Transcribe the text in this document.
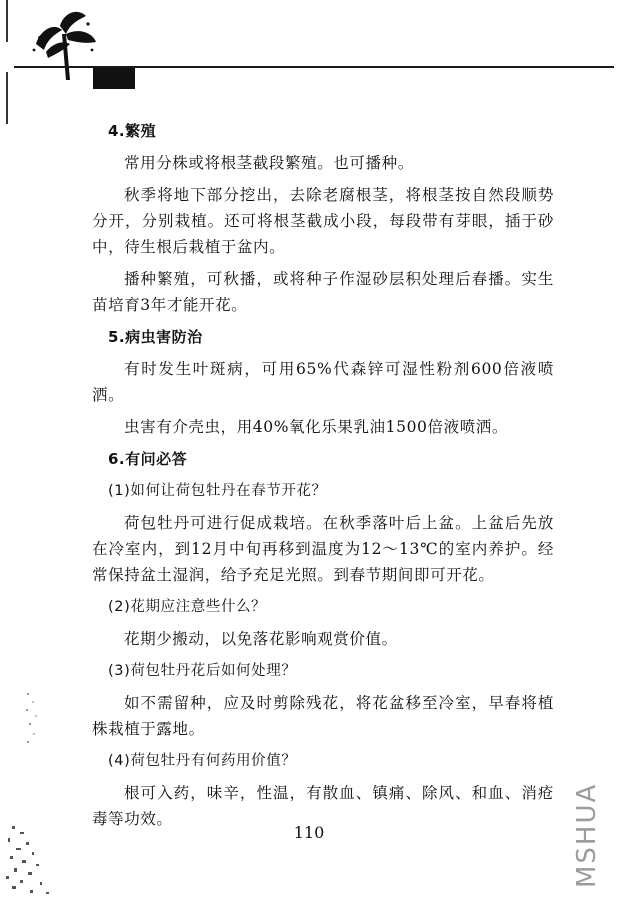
4.繁殖

常用分株或将根茎截段繁殖。也可播种。

秋季将地下部分挖出，去除老腐根茎，将根茎按自然段顺势分开，分别栽植。还可将根茎截成小段，每段带有芽眼，插于砂中，待生根后栽植于盆内。

播种繁殖，可秋播，或将种子作湿砂层积处理后春播。实生苗培育3年才能开花。

5.病虫害防治

有时发生叶斑病，可用65%代森锌可湿性粉剂600倍液喷洒。

虫害有介壳虫，用40%氧化乐果乳油1500倍液喷洒。

6.有问必答
(1)如何让荷包牡丹在春节开花？

荷包牡丹可进行促成栽培。在秋季落叶后上盆。上盆后先放在冷室内，到12月中旬再移到温度为12～13℃的室内养护。经常保持盆土湿润，给予充足光照。到春节期间即可开花。

(2)花期应注意些什么？

花期少搬动，以免落花影响观赏价值。

(3)荷包牡丹花后如何处理？

如不需留种，应及时剪除残花，将花盆移至冷室，早春将植株栽植于露地。

(4)荷包牡丹有何药用价值？

根可入药，味辛，性温，有散血、镇痛、除风、和血、消疮毒等功效。

110	MSHUA
